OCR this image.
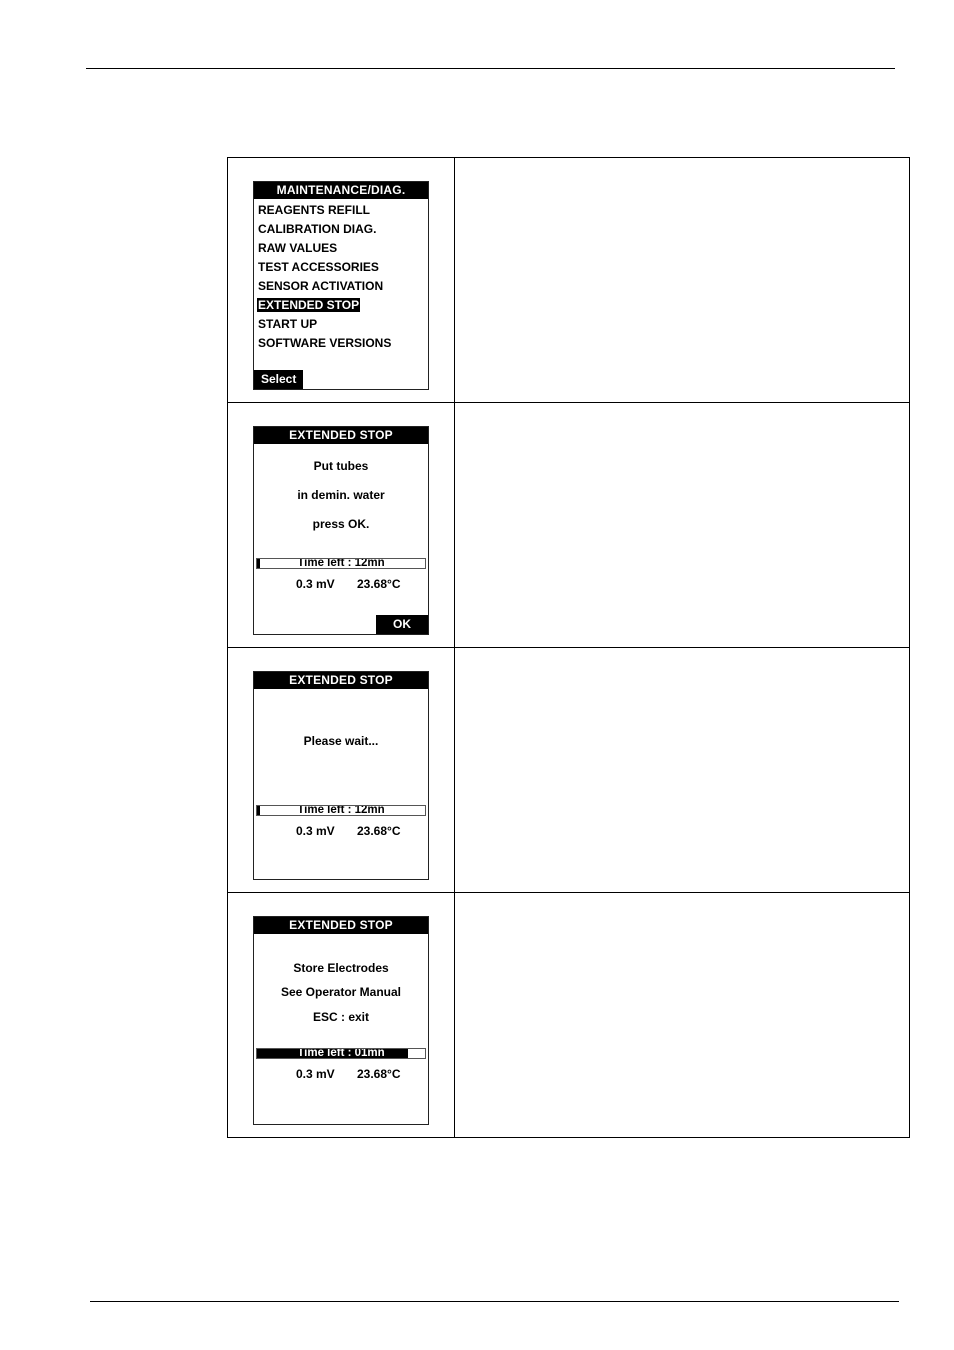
MAINTENANCE/DIAG.
REAGENTS REFILL
CALIBRATION DIAG.
RAW VALUES
TEST ACCESSORIES
SENSOR ACTIVATION
EXTENDED STOP
START UP
SOFTWARE VERSIONS
Select
EXTENDED STOP
Put tubes
in demin. water
press OK.
Time left : 12mn
0.3 mV 23.68°C
OK
EXTENDED STOP
Please wait...
Time left : 12mn
0.3 mV 23.68°C
EXTENDED STOP
Store Electrodes
See Operator Manual
ESC : exit
Time left : 01mn
0.3 mV 23.68°C
